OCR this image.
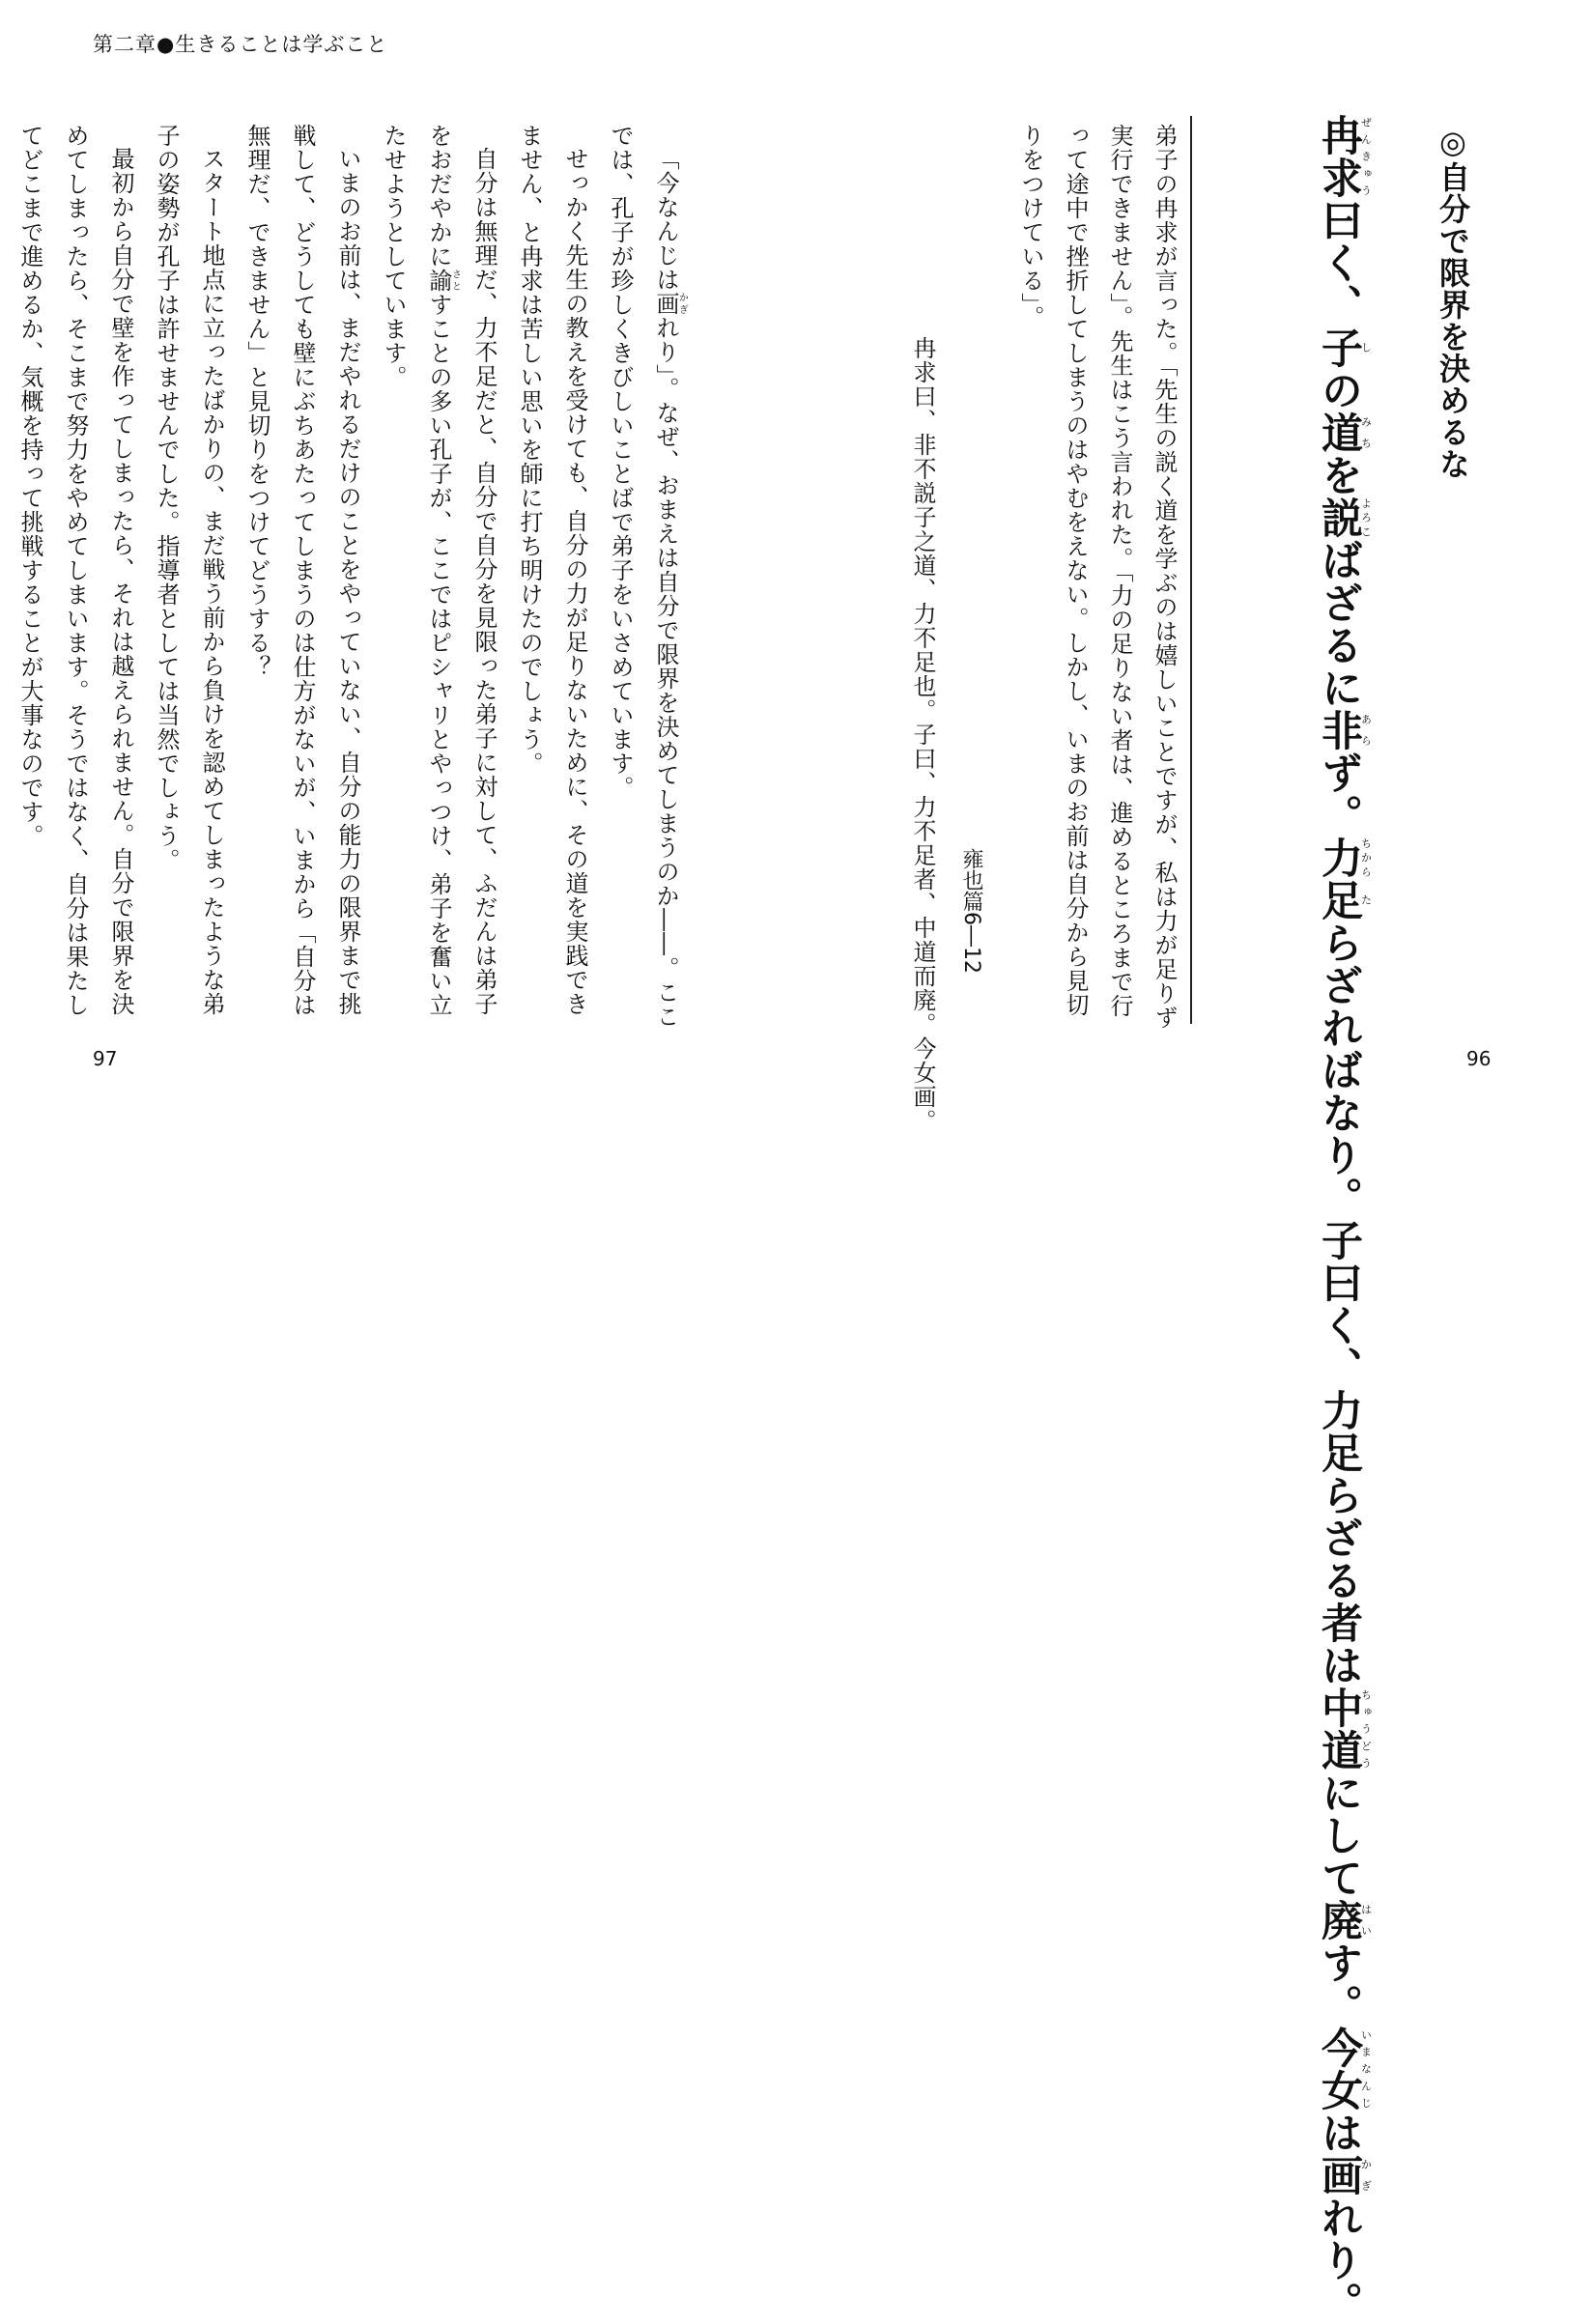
第二章●生きることは学ぶこと
◎自分で限界を決めるな
冉求ぜんきゅう曰く、子しの道みちを説よろこばざるに非あらず。力ちから足たらざればなり。子曰く、力足らざる者は中道ちゅうどうにして廃はいす。今女いまなんじは画かぎれり。
弟子の冉求が言った。「先生の説く道を学ぶのは嬉しいことですが、私は力が足りず実行できません」。先生はこう言われた。「力の足りない者は、進めるところまで行って途中で挫折してしまうのはやむをえない。しかし、いまのお前は自分から見切りをつけている」。
雍也篇6―12
冉求曰、非不説子之道、力不足也。子曰、力不足者、中道而廃。今女画。
「今なんじは画かぎれり」。なぜ、おまえは自分で限界を決めてしまうのか――。ここでは、孔子が珍しくきびしいことばで弟子をいさめています。
せっかく先生の教えを受けても、自分の力が足りないために、その道を実践できません、と冉求は苦しい思いを師に打ち明けたのでしょう。
自分は無理だ、力不足だと、自分で自分を見限った弟子に対して、ふだんは弟子をおだやかに諭さとすことの多い孔子が、ここではピシャリとやっつけ、弟子を奮い立たせようとしています。
いまのお前は、まだやれるだけのことをやっていない、自分の能力の限界まで挑戦して、どうしても壁にぶちあたってしまうのは仕方がないが、いまから「自分は無理だ、できません」と見切りをつけてどうする？
スタート地点に立ったばかりの、まだ戦う前から負けを認めてしまったような弟子の姿勢が孔子は許せませんでした。指導者としては当然でしょう。
最初から自分で壁を作ってしまったら、それは越えられません。自分で限界を決めてしまったら、そこまで努力をやめてしまいます。そうではなく、自分は果たしてどこまで進めるか、気概を持って挑戦することが大事なのです。
97	96
